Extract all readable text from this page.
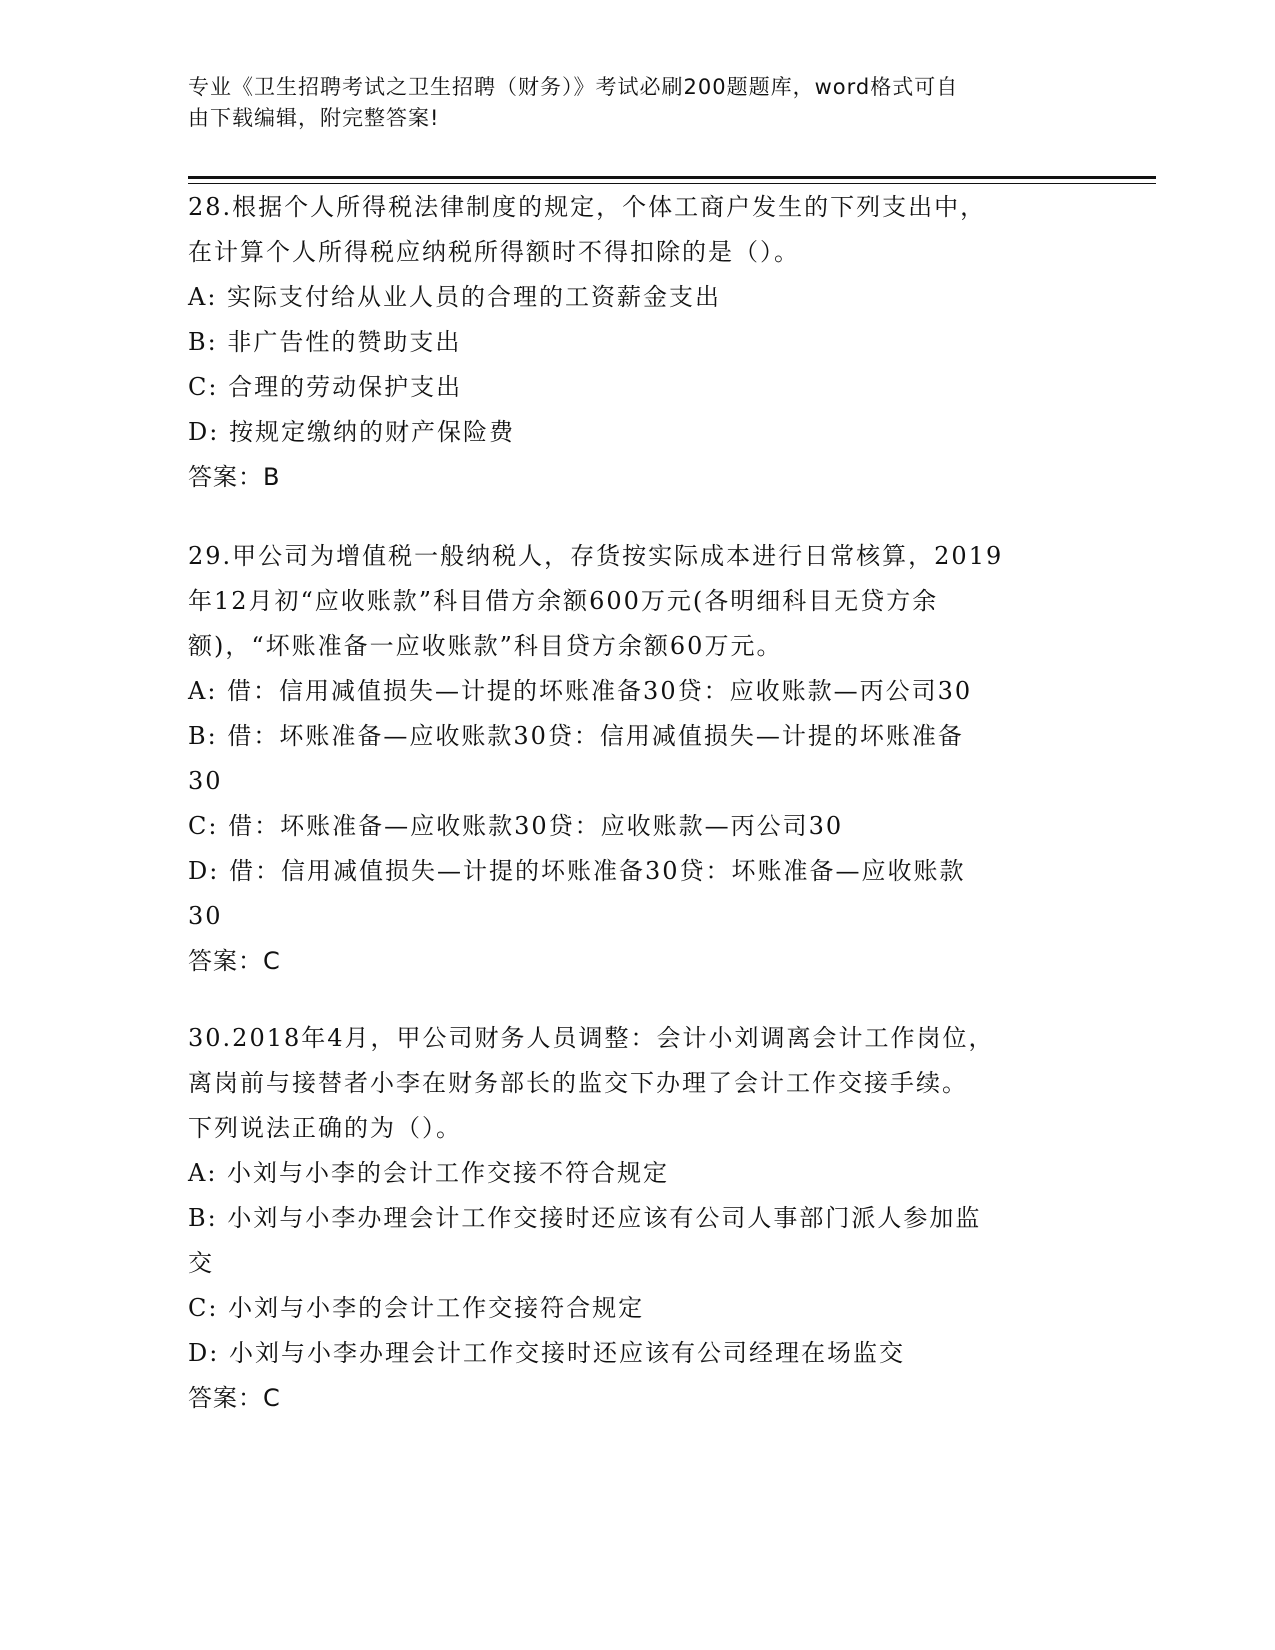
专业《卫生招聘考试之卫生招聘（财务）》考试必刷200题题库，word格式可自
由下载编辑，附完整答案!
28.根据个人所得税法律制度的规定，个体工商户发生的下列支出中，
在计算个人所得税应纳税所得额时不得扣除的是（）。
A: 实际支付给从业人员的合理的工资薪金支出
B: 非广告性的赞助支出
C: 合理的劳动保护支出
D: 按规定缴纳的财产保险费
答案：B
29.甲公司为增值税一般纳税人，存货按实际成本进行日常核算，2019
年12月初“应收账款”科目借方余额600万元(各明细科目无贷方余
额)，“坏账准备一应收账款”科目贷方余额60万元。
A: 借：信用减值损失—计提的坏账准备30贷：应收账款—丙公司30
B: 借：坏账准备—应收账款30贷：信用减值损失—计提的坏账准备
30
C: 借：坏账准备—应收账款30贷：应收账款—丙公司30
D: 借：信用减值损失—计提的坏账准备30贷：坏账准备—应收账款
30
答案：C
30.2018年4月，甲公司财务人员调整：会计小刘调离会计工作岗位，
离岗前与接替者小李在财务部长的监交下办理了会计工作交接手续。
下列说法正确的为（）。
A: 小刘与小李的会计工作交接不符合规定
B: 小刘与小李办理会计工作交接时还应该有公司人事部门派人参加监
交
C: 小刘与小李的会计工作交接符合规定
D: 小刘与小李办理会计工作交接时还应该有公司经理在场监交
答案：C
